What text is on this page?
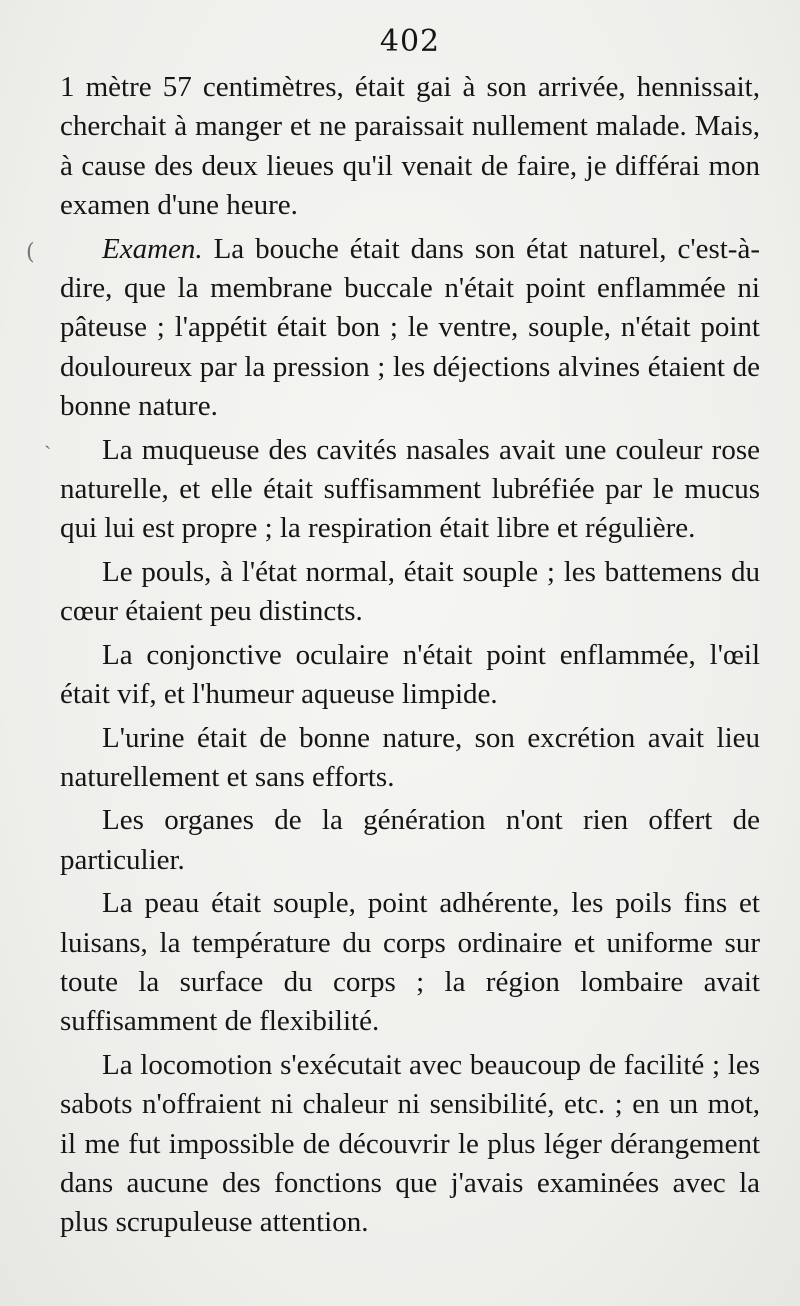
402

1 mètre 57 centimètres, était gai à son arrivée, hennissait, cherchait à manger et ne paraissait nullement malade. Mais, à cause des deux lieues qu'il venait de faire, je différai mon examen d'une heure.

Examen. La bouche était dans son état naturel, c'est-à-dire, que la membrane buccale n'était point enflammée ni pâteuse ; l'appétit était bon ; le ventre, souple, n'était point douloureux par la pression ; les déjections alvines étaient de bonne nature.

La muqueuse des cavités nasales avait une couleur rose naturelle, et elle était suffisamment lubréfiée par le mucus qui lui est propre ; la respiration était libre et régulière.

Le pouls, à l'état normal, était souple ; les battemens du cœur étaient peu distincts.

La conjonctive oculaire n'était point enflammée, l'œil était vif, et l'humeur aqueuse limpide.

L'urine était de bonne nature, son excrétion avait lieu naturellement et sans efforts.

Les organes de la génération n'ont rien offert de particulier.

La peau était souple, point adhérente, les poils fins et luisans, la température du corps ordinaire et uniforme sur toute la surface du corps ; la région lombaire avait suffisamment de flexibilité.

La locomotion s'exécutait avec beaucoup de facilité ; les sabots n'offraient ni chaleur ni sensibilité, etc. ; en un mot, il me fut impossible de découvrir le plus léger dérangement dans aucune des fonctions que j'avais examinées avec la plus scrupuleuse attention.

(
ˏ
